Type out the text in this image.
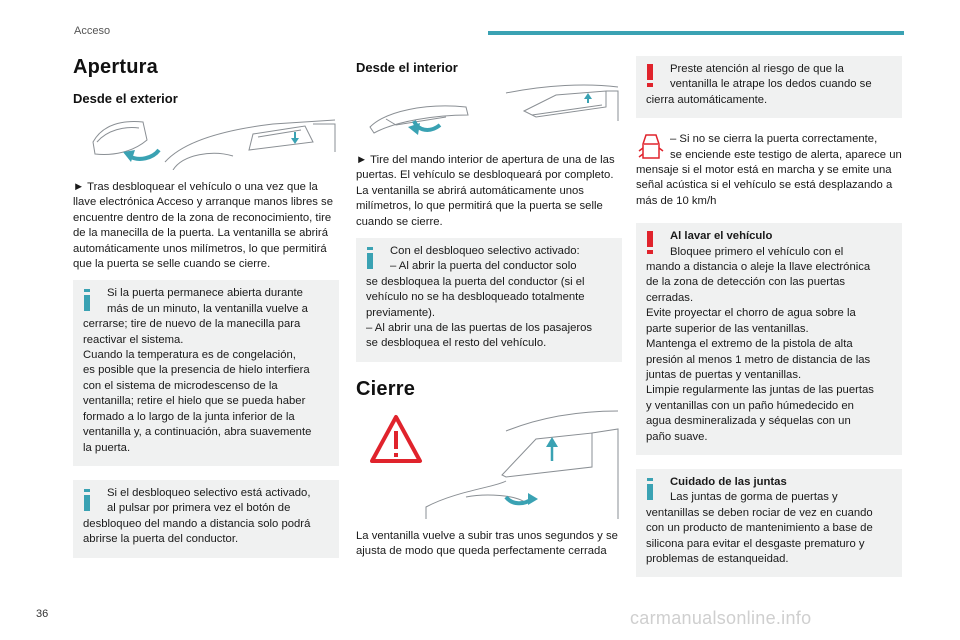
Acceso
Apertura
Desde el exterior

► Tras desbloquear el vehículo o una vez que la llave electrónica Acceso y arranque manos libres se encuentre dentro de la zona de reconocimiento, tire de la manecilla de la puerta. La ventanilla se abrirá automáticamente unos milímetros, lo que permitirá que la puerta se selle cuando se cierre.

Si la puerta permanece abierta durante
más de un minuto, la ventanilla vuelve a
cerrarse; tire de nuevo de la manecilla para
reactivar el sistema.
Cuando la temperatura es de congelación,
es posible que la presencia de hielo interfiera
con el sistema de microdescenso de la
ventanilla; retire el hielo que se pueda haber
formado a lo largo de la junta inferior de la
ventanilla y, a continuación, abra suavemente
la puerta.
Si el desbloqueo selectivo está activado,
al pulsar por primera vez el botón de
desbloqueo del mando a distancia solo podrá
abrirse la puerta del conductor.
Desde el interior

► Tire del mando interior de apertura de una de las puertas. El vehículo se desbloqueará por completo. La ventanilla se abrirá automáticamente unos milímetros, lo que permitirá que la puerta se selle cuando se cierre.

Con el desbloqueo selectivo activado:
– Al abrir la puerta del conductor solo
se desbloquea la puerta del conductor (si el
vehículo no se ha desbloqueado totalmente
previamente).
– Al abrir una de las puertas de los pasajeros
se desbloquea el resto del vehículo.
Cierre

La ventanilla vuelve a subir tras unos segundos y se ajusta de modo que queda perfectamente cerrada

Preste atención al riesgo de que la
ventanilla le atrape los dedos cuando se
cierra automáticamente.
– Si no se cierra la puerta correctamente, se enciende este testigo de alerta, aparece un mensaje si el motor está en marcha y se emite una señal acústica si el vehículo se está desplazando a más de 10 km/h
Al lavar el vehículo
Bloquee primero el vehículo con el
mando a distancia o aleje la llave electrónica
de la zona de detección con las puertas
cerradas.
Evite proyectar el chorro de agua sobre la
parte superior de las ventanillas.
Mantenga el extremo de la pistola de alta
presión al menos 1 metro de distancia de las
juntas de puertas y ventanillas.
Limpie regularmente las juntas de las puertas
y ventanillas con un paño húmedecido en
agua desmineralizada y séquelas con un
paño suave.
Cuidado de las juntas
Las juntas de gorma de puertas y
ventanillas se deben rociar de vez en cuando
con un producto de mantenimiento a base de
silicona para evitar el desgaste prematuro y
problemas de estanqueidad.
36	carmanualsonline.info
